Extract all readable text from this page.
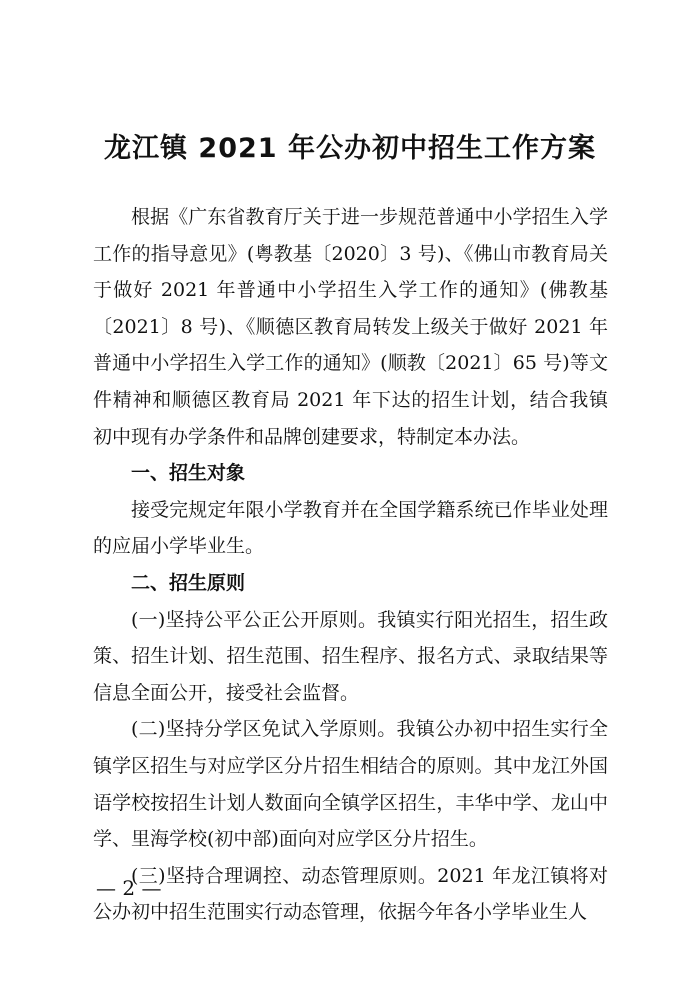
龙江镇 2021 年公办初中招生工作方案

根据《广东省教育厅关于进一步规范普通中小学招生入学工作的指导意见》(粤教基〔2020〕3 号)、《佛山市教育局关于做好 2021 年普通中小学招生入学工作的通知》(佛教基〔2021〕8 号)、《顺德区教育局转发上级关于做好 2021 年普通中小学招生入学工作的通知》(顺教〔2021〕65 号)等文件精神和顺德区教育局 2021 年下达的招生计划，结合我镇初中现有办学条件和品牌创建要求，特制定本办法。

一、招生对象

接受完规定年限小学教育并在全国学籍系统已作毕业处理的应届小学毕业生。

二、招生原则

(一)坚持公平公正公开原则。我镇实行阳光招生，招生政策、招生计划、招生范围、招生程序、报名方式、录取结果等信息全面公开，接受社会监督。

(二)坚持分学区免试入学原则。我镇公办初中招生实行全镇学区招生与对应学区分片招生相结合的原则。其中龙江外国语学校按招生计划人数面向全镇学区招生，丰华中学、龙山中学、里海学校(初中部)面向对应学区分片招生。

(三)坚持合理调控、动态管理原则。2021 年龙江镇将对公办初中招生范围实行动态管理，依据今年各小学毕业生人

— 2 —
